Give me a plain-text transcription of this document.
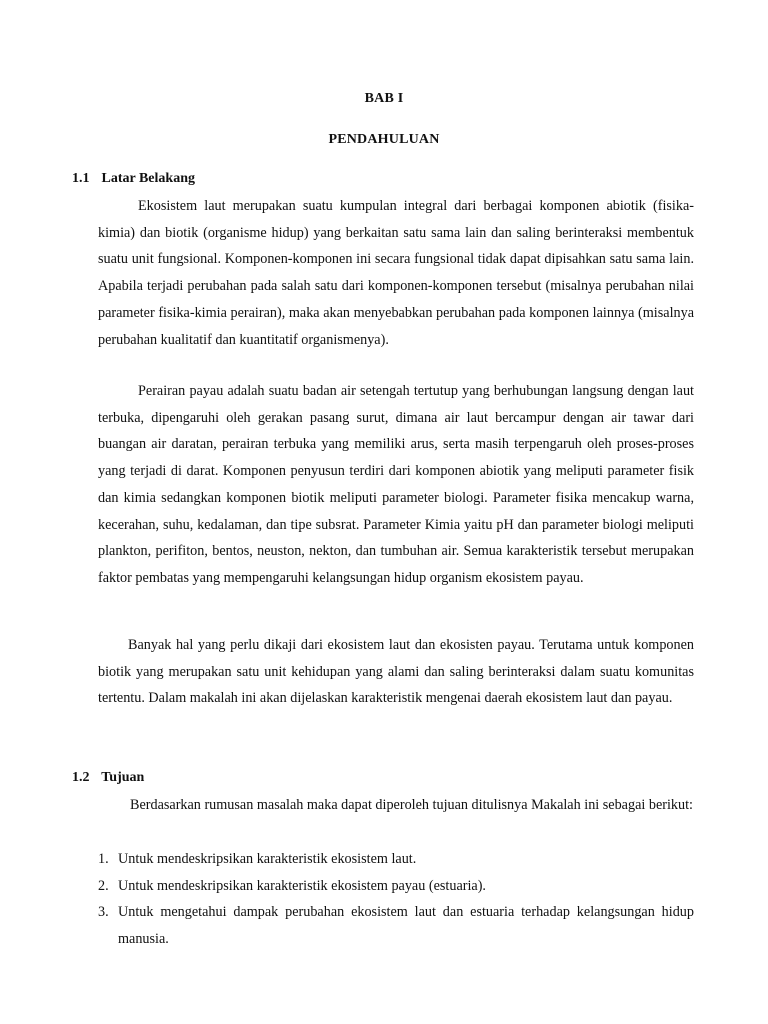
BAB I
PENDAHULUAN
1.1 Latar Belakang

Ekosistem laut merupakan suatu kumpulan integral dari berbagai komponen abiotik (fisika-kimia) dan biotik (organisme hidup) yang berkaitan satu sama lain dan saling berinteraksi membentuk suatu unit fungsional. Komponen-komponen ini secara fungsional tidak dapat dipisahkan satu sama lain. Apabila terjadi perubahan pada salah satu dari komponen-komponen tersebut (misalnya perubahan nilai parameter fisika-kimia perairan), maka akan menyebabkan perubahan pada komponen lainnya (misalnya perubahan kualitatif dan kuantitatif organismenya).

Perairan payau adalah suatu badan air setengah tertutup yang berhubungan langsung dengan laut terbuka, dipengaruhi oleh gerakan pasang surut, dimana air laut bercampur dengan air tawar dari buangan air daratan, perairan terbuka yang memiliki arus, serta masih terpengaruh oleh proses-proses yang terjadi di darat. Komponen penyusun terdiri dari komponen abiotik yang meliputi parameter fisik dan kimia sedangkan komponen biotik meliputi parameter biologi. Parameter fisika mencakup warna, kecerahan, suhu, kedalaman, dan tipe subsrat. Parameter Kimia yaitu pH dan parameter biologi meliputi plankton, perifiton, bentos, neuston, nekton, dan tumbuhan air. Semua karakteristik tersebut merupakan faktor pembatas yang mempengaruhi kelangsungan hidup organism ekosistem payau.

Banyak hal yang perlu dikaji dari ekosistem laut dan ekosisten payau. Terutama untuk komponen biotik yang merupakan satu unit kehidupan yang alami dan saling berinteraksi dalam suatu komunitas tertentu. Dalam makalah ini akan dijelaskan karakteristik mengenai daerah ekosistem laut dan payau.

1.2 Tujuan

Berdasarkan rumusan masalah maka dapat diperoleh tujuan ditulisnya Makalah ini sebagai berikut:

1. Untuk mendeskripsikan karakteristik ekosistem laut.
2. Untuk mendeskripsikan karakteristik ekosistem payau (estuaria).
3. Untuk mengetahui dampak perubahan ekosistem laut dan estuaria terhadap kelangsungan hidup manusia.
